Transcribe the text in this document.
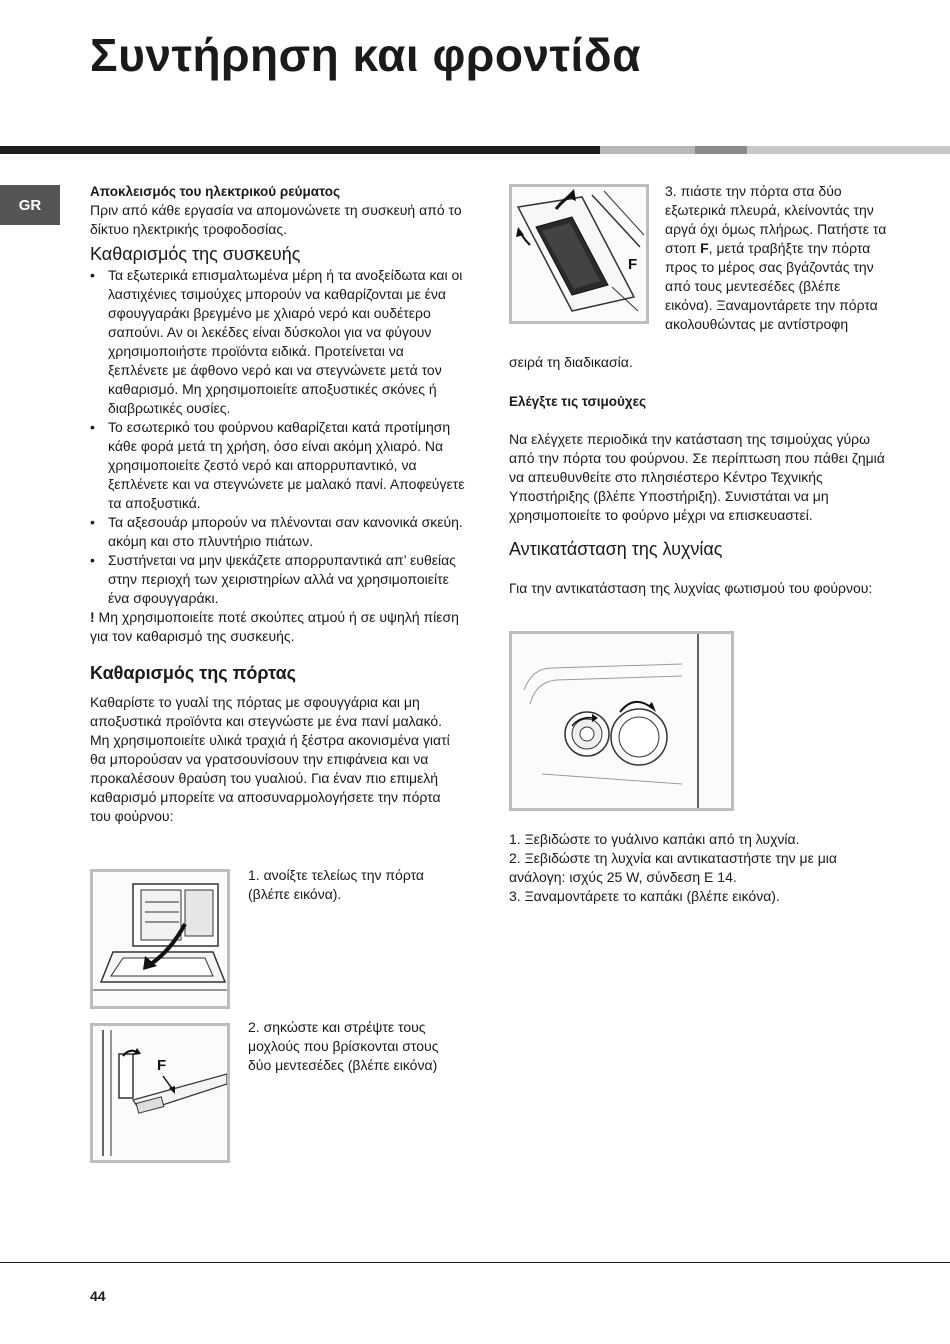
Συντήρηση και φροντίδα
GR

Αποκλεισμός του ηλεκτρικού ρεύματος

Πριν από κάθε εργασία να απομονώνετε τη συσκευή από το δίκτυο ηλεκτρικής τροφοδοσίας.

Καθαρισμός της συσκευής
• Τα εξωτερικά επισμαλτωμένα μέρη ή τα ανοξείδωτα και οι λαστιχένιες τσιμούχες μπορούν να καθαρίζονται με ένα σφουγγαράκι βρεγμένο με χλιαρό νερό και ουδέτερο σαπούνι. Αν οι λεκέδες είναι δύσκολοι για να φύγουν χρησιμοποιήστε προϊόντα ειδικά. Προτείνεται να ξεπλένετε με άφθονο νερό και να στεγνώνετε μετά τον καθαρισμό. Μη χρησιμοποιείτε αποξυστικές σκόνες ή διαβρωτικές ουσίες.
• Το εσωτερικό του φούρνου καθαρίζεται κατά προτίμηση κάθε φορά μετά τη χρήση, όσο είναι ακόμη χλιαρό. Να χρησιμοποιείτε ζεστό νερό και απορρυπαντικό, να ξεπλένετε και να στεγνώνετε με μαλακό πανί. Αποφεύγετε τα αποξυστικά.
• Τα αξεσουάρ μπορούν να πλένονται σαν κανονικά σκεύη. ακόμη και στο πλυντήριο πιάτων.
• Συστήνεται να μην ψεκάζετε απορρυπαντικά απ’ ευθείας στην περιοχή των χειριστηρίων αλλά να χρησιμοποιείτε ένα σφουγγαράκι.

! Μη χρησιμοποιείτε ποτέ σκούπες ατμού ή σε υψηλή πίεση για τον καθαρισμό της συσκευής.

Καθαρισμός της πόρτας

Καθαρίστε το γυαλί της πόρτας με σφουγγάρια και μη αποξυστικά προϊόντα και στεγνώστε με ένα πανί μαλακό. Μη χρησιμοποιείτε υλικά τραχιά ή ξέστρα ακονισμένα γιατί θα μπορούσαν να γρατσουνίσουν την επιφάνεια και να προκαλέσουν θραύση του γυαλιού. Για έναν πιο επιμελή καθαρισμό μπορείτε να αποσυναρμολογήσετε την πόρτα του φούρνου:

1. ανοίξτε τελείως την πόρτα (βλέπε εικόνα).
F
2. σηκώστε και στρέψτε τους μοχλούς που βρίσκονται στους δύο μεντεσέδες (βλέπε εικόνα)
F
3. πιάστε την πόρτα στα δύο εξωτερικά πλευρά, κλείνοντάς την αργά όχι όμως πλήρως. Πατήστε τα στοπ F, μετά τραβήξτε την πόρτα προς το μέρος σας βγάζοντάς την από τους μεντεσέδες (βλέπε εικόνα). Ξαναμοντάρετε την πόρτα ακολουθώντας με αντίστροφη
σειρά τη διαδικασία.

Ελέγξτε τις τσιμούχες

Να ελέγχετε περιοδικά την κατάσταση της τσιμούχας γύρω από την πόρτα του φούρνου. Σε περίπτωση που πάθει ζημιά να απευθυνθείτε στο πλησιέστερο Κέντρο Τεχνικής Υποστήριξης (βλέπε Υποστήριξη). Συνιστάται να μη χρησιμοποιείτε το φούρνο μέχρι να επισκευαστεί.

Αντικατάσταση της λυχνίας

Για την αντικατάσταση της λυχνίας φωτισμού του φούρνου:

1. Ξεβιδώστε το γυάλινο καπάκι από τη λυχνία.

2. Ξεβιδώστε τη λυχνία και αντικαταστήστε την με μια ανάλογη: ισχύς 25 W, σύνδεση E 14.

3. Ξαναμοντάρετε το καπάκι (βλέπε εικόνα).

44
